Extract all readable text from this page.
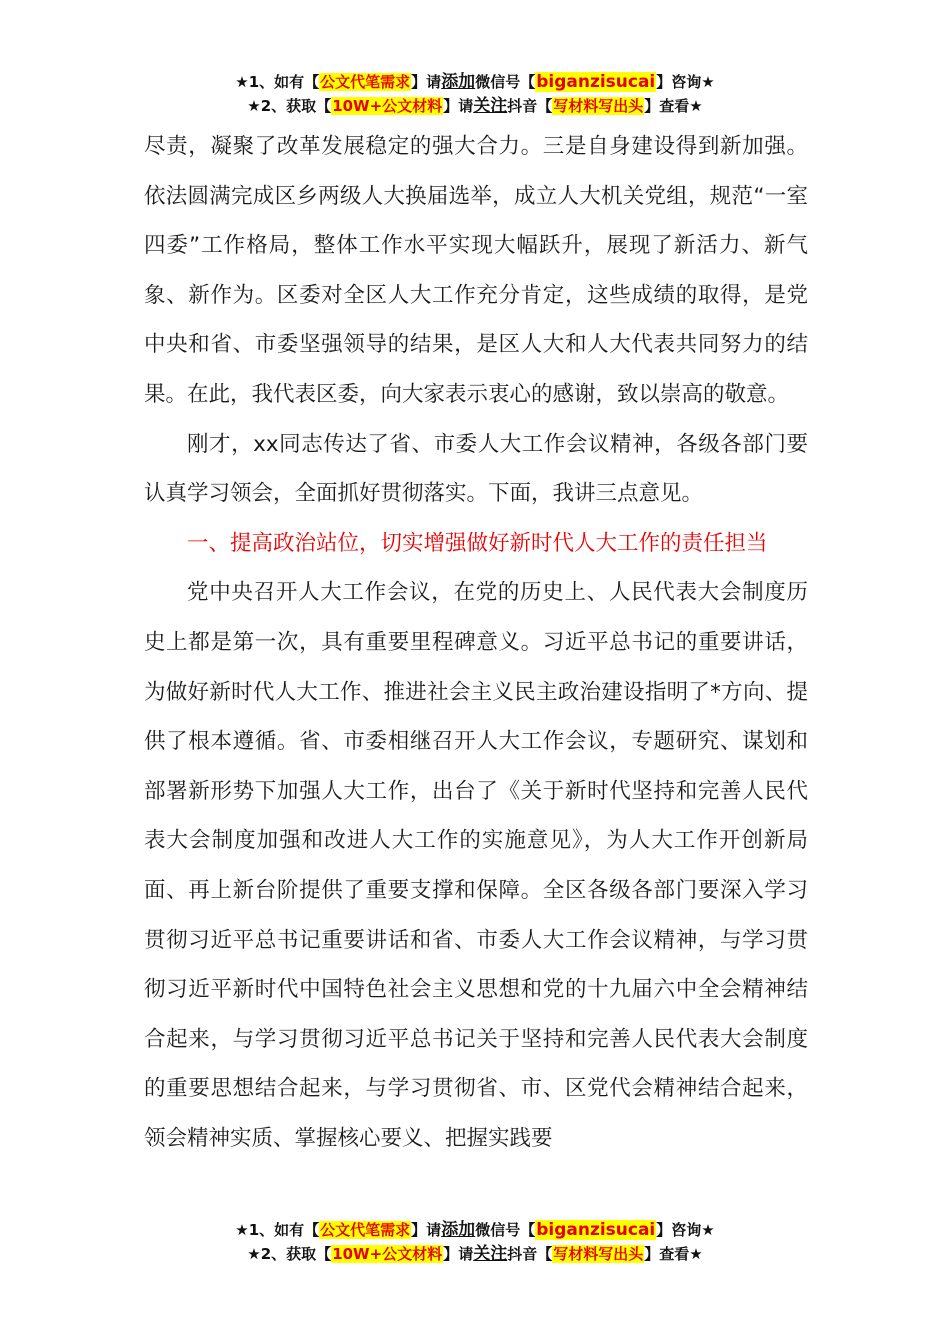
★1、如有【公文代笔需求】请添加微信号【biganzisucai】咨询★
★2、获取【10W+公文材料】请关注抖音【写材料写出头】查看★

尽责，凝聚了改革发展稳定的强大合力。三是自身建设得到新加强。依法圆满完成区乡两级人大换届选举，成立人大机关党组，规范“一室四委”工作格局，整体工作水平实现大幅跃升，展现了新活力、新气象、新作为。区委对全区人大工作充分肯定，这些成绩的取得，是党中央和省、市委坚强领导的结果，是区人大和人大代表共同努力的结果。在此，我代表区委，向大家表示衷心的感谢，致以崇高的敬意。

刚才，xx同志传达了省、市委人大工作会议精神，各级各部门要认真学习领会，全面抓好贯彻落实。下面，我讲三点意见。

一、提高政治站位，切实增强做好新时代人大工作的责任担当

党中央召开人大工作会议，在党的历史上、人民代表大会制度历史上都是第一次，具有重要里程碑意义。习近平总书记的重要讲话，为做好新时代人大工作、推进社会主义民主政治建设指明了*方向、提供了根本遵循。省、市委相继召开人大工作会议，专题研究、谋划和部署新形势下加强人大工作，出台了《关于新时代坚持和完善人民代表大会制度加强和改进人大工作的实施意见》，为人大工作开创新局面、再上新台阶提供了重要支撑和保障。全区各级各部门要深入学习贯彻习近平总书记重要讲话和省、市委人大工作会议精神，与学习贯彻习近平新时代中国特色社会主义思想和党的十九届六中全会精神结合起来，与学习贯彻习近平总书记关于坚持和完善人民代表大会制度的重要思想结合起来，与学习贯彻省、市、区党代会精神结合起来，领会精神实质、掌握核心要义、把握实践要

★1、如有【公文代笔需求】请添加微信号【biganzisucai】咨询★
★2、获取【10W+公文材料】请关注抖音【写材料写出头】查看★
